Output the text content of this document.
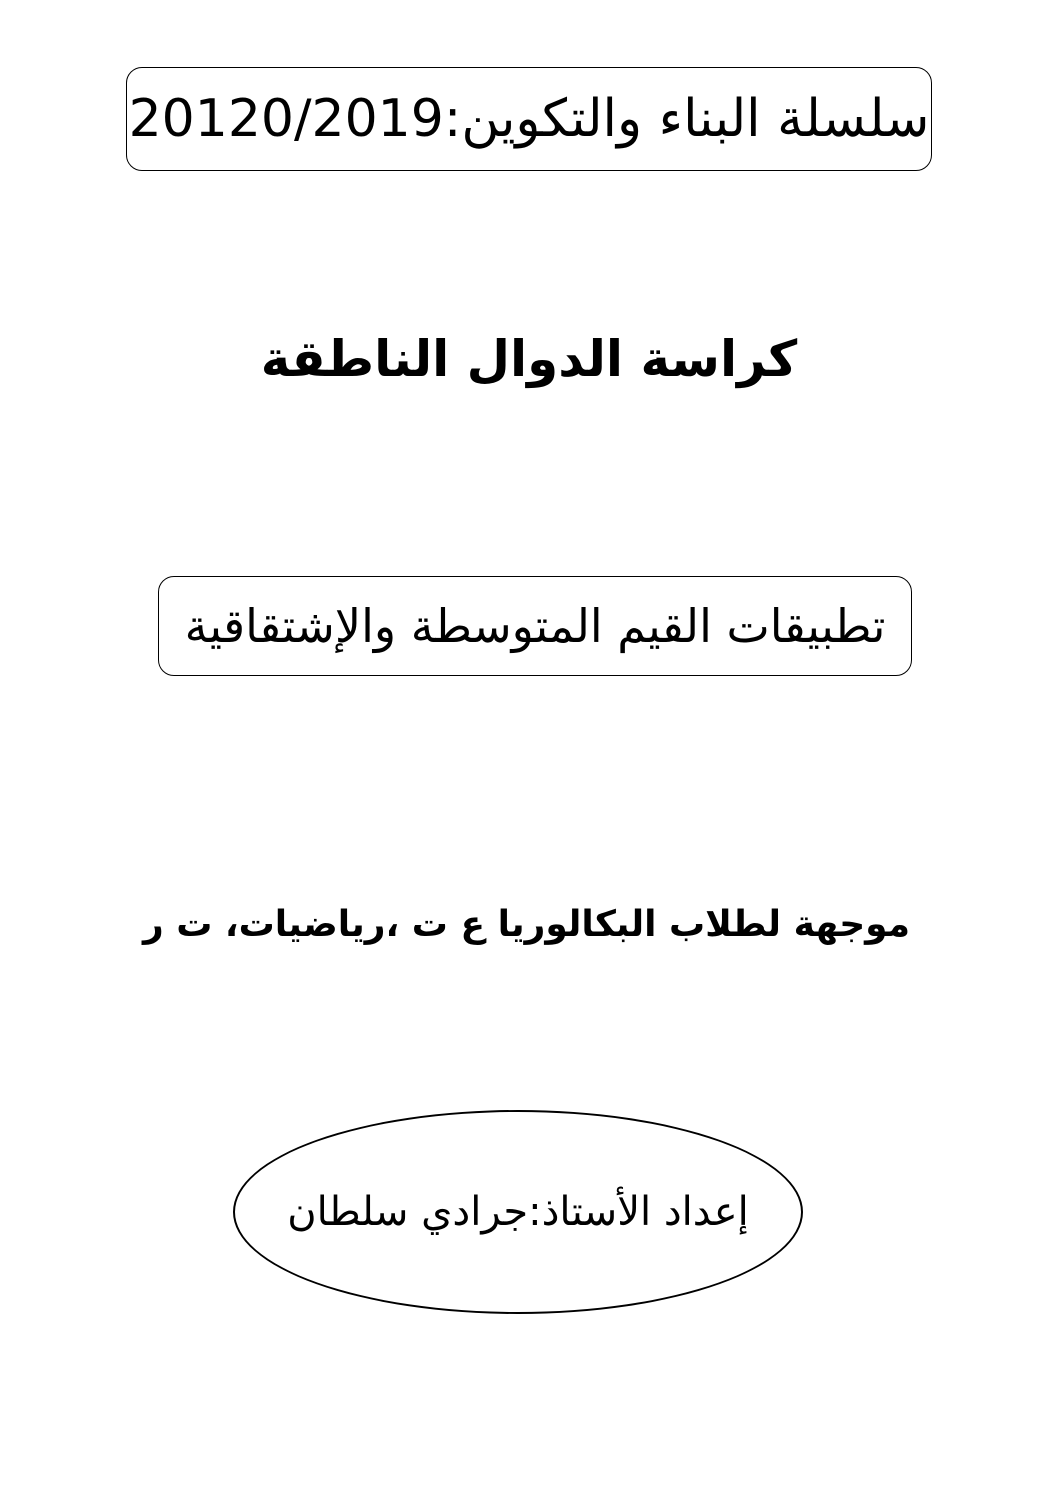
سلسلة البناء والتكوين:20120/2019
كراسة الدوال الناطقة
تطبيقات القيم المتوسطة والإشتقاقية
موجهة لطلاب البكالوريا ع ت ،رياضيات، ت ر
إعداد الأستاذ:جرادي سلطان
